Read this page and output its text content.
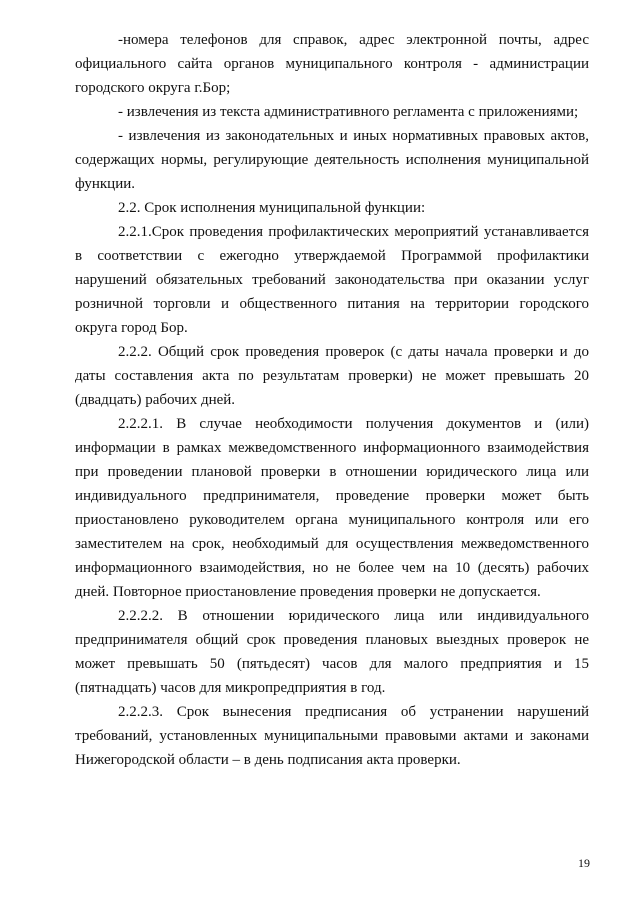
-номера телефонов для справок, адрес электронной почты, адрес
официального сайта органов муниципального контроля - администрации
городского округа г.Бор;

- извлечения из текста административного регламента с приложениями;

- извлечения из законодательных и иных нормативных правовых актов,
содержащих нормы, регулирующие деятельность исполнения муниципальной
функции.

2.2. Срок исполнения муниципальной функции:

2.2.1.Срок проведения профилактических мероприятий устанавливается
в соответствии с ежегодно утверждаемой Программой профилактики
нарушений обязательных требований законодательства при оказании услуг
розничной торговли и общественного питания на территории городского
округа город Бор.

2.2.2. Общий срок проведения проверок (с даты начала проверки и до
даты составления акта по результатам проверки) не может превышать 20
(двадцать) рабочих дней.

2.2.2.1. В случае необходимости получения документов и (или)
информации в рамках межведомственного информационного взаимодействия
при проведении плановой проверки в отношении юридического лица или
индивидуального предпринимателя, проведение проверки может быть
приостановлено руководителем органа муниципального контроля или его
заместителем на срок, необходимый для осуществления межведомственного
информационного взаимодействия, но не более чем на 10 (десять) рабочих
дней. Повторное приостановление проведения проверки не допускается.

2.2.2.2. В отношении юридического лица или индивидуального
предпринимателя общий срок проведения плановых выездных проверок не
может превышать 50 (пятьдесят) часов для малого предприятия и 15
(пятнадцать) часов для микропредприятия в год.

2.2.2.3. Срок вынесения предписания об устранении нарушений
требований, установленных муниципальными правовыми актами и законами
Нижегородской области – в день подписания акта проверки.

19
